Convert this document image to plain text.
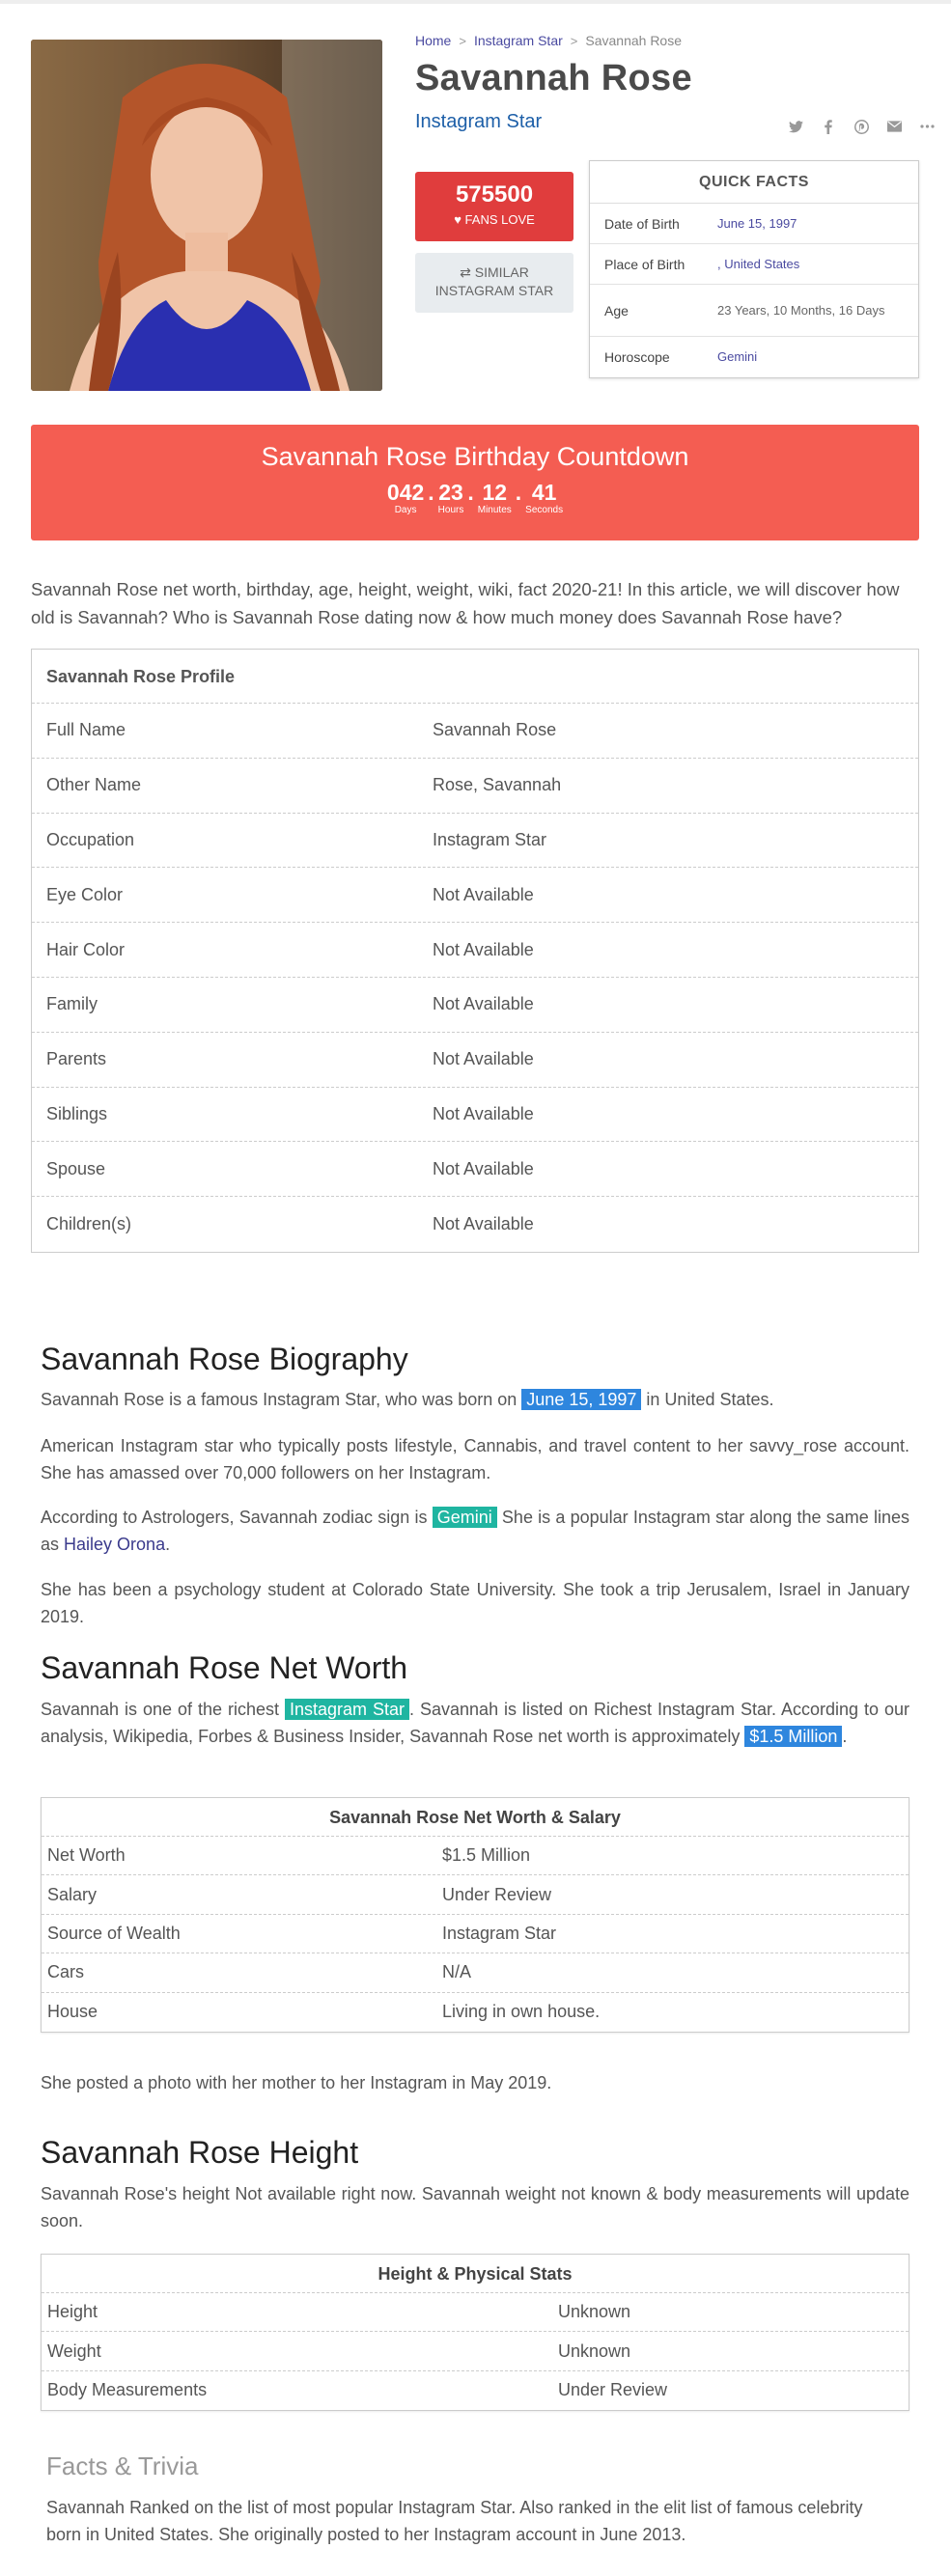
Home > Instagram Star > Savannah Rose
Savannah Rose
Instagram Star
575500
♥ FANS LOVE
⇄ SIMILAR
INSTAGRAM STAR
QUICK FACTS
Date of Birth	June 15, 1997
Place of Birth	, United States
Age	23 Years, 10 Months, 16 Days
Horoscope	Gemini
Savannah Rose Birthday Countdown
042
Days
. 23
Hours
. 12
Minutes
. 41
Seconds

Savannah Rose net worth, birthday, age, height, weight, wiki, fact 2020-21! In this article, we will discover how old is Savannah? Who is Savannah Rose dating now & how much money does Savannah Rose have?

Savannah Rose Profile
Full Name	Savannah Rose
Other Name	Rose, Savannah
Occupation	Instagram Star
Eye Color	Not Available
Hair Color	Not Available
Family	Not Available
Parents	Not Available
Siblings	Not Available
Spouse	Not Available
Children(s)	Not Available
Savannah Rose Biography

Savannah Rose is a famous Instagram Star, who was born on June 15, 1997 in United States.

American Instagram star who typically posts lifestyle, Cannabis, and travel content to her savvy_rose account. She has amassed over 70,000 followers on her Instagram.

According to Astrologers, Savannah zodiac sign is Gemini She is a popular Instagram star along the same lines as Hailey Orona.

She has been a psychology student at Colorado State University. She took a trip Jerusalem, Israel in January 2019.

Savannah Rose Net Worth

Savannah is one of the richest Instagram Star . Savannah is listed on Richest Instagram Star. According to our analysis, Wikipedia, Forbes & Business Insider, Savannah Rose net worth is approximately $1.5 Million .

Savannah Rose Net Worth & Salary
Net Worth	$1.5 Million
Salary	Under Review
Source of Wealth	Instagram Star
Cars	N/A
House	Living in own house.

She posted a photo with her mother to her Instagram in May 2019.

Savannah Rose Height

Savannah Rose's height Not available right now. Savannah weight not known & body measurements will update soon.

Height & Physical Stats
Height	Unknown
Weight	Unknown
Body Measurements	Under Review
Facts & Trivia

Savannah Ranked on the list of most popular Instagram Star. Also ranked in the elit list of famous celebrity born in United States. She originally posted to her Instagram account in June 2013.
